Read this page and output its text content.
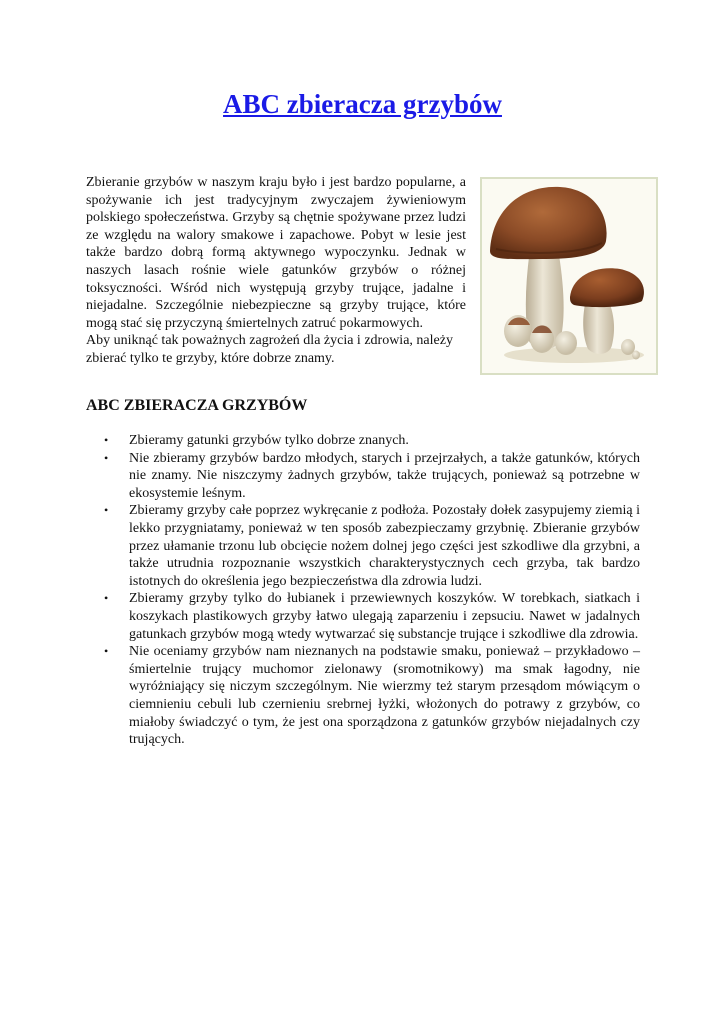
ABC zbieracza grzybów

Zbieranie grzybów w naszym kraju było i jest bardzo popularne, a spożywanie ich jest tradycyjnym zwyczajem żywieniowym polskiego społeczeństwa. Grzyby są chętnie spożywane przez ludzi ze względu na walory smakowe i zapachowe. Pobyt w lesie jest także bardzo dobrą formą aktywnego wypoczynku. Jednak w naszych lasach rośnie wiele gatunków grzybów o różnej toksyczności. Wśród nich występują grzyby trujące, jadalne i niejadalne. Szczególnie niebezpieczne są grzyby trujące, które mogą stać się przyczyną śmiertelnych zatruć pokarmowych.

Aby uniknąć tak poważnych zagrożeń dla życia i zdrowia, należy zbierać tylko te grzyby, które dobrze znamy.

ABC ZBIERACZA GRZYBÓW
• Zbieramy gatunki grzybów tylko dobrze znanych.
• Nie zbieramy grzybów bardzo młodych, starych i przejrzałych, a także gatunków, których nie znamy. Nie niszczymy żadnych grzybów, także trujących, ponieważ są potrzebne w ekosystemie leśnym.
• Zbieramy grzyby całe poprzez wykręcanie z podłoża. Pozostały dołek zasypujemy ziemią i lekko przygniatamy, ponieważ w ten sposób zabezpieczamy grzybnię. Zbieranie grzybów przez ułamanie trzonu lub obcięcie nożem dolnej jego części jest szkodliwe dla grzybni, a także utrudnia rozpoznanie wszystkich charakterystycznych cech grzyba, tak bardzo istotnych do określenia jego bezpieczeństwa dla zdrowia ludzi.
• Zbieramy grzyby tylko do łubianek i przewiewnych koszyków. W torebkach, siatkach i koszykach plastikowych grzyby łatwo ulegają zaparzeniu i zepsuciu. Nawet w jadalnych gatunkach grzybów mogą wtedy wytwarzać się substancje trujące i szkodliwe dla zdrowia.
• Nie oceniamy grzybów nam nieznanych na podstawie smaku, ponieważ – przykładowo – śmiertelnie trujący muchomor zielonawy (sromotnikowy) ma smak łagodny, nie wyróżniający się niczym szczególnym. Nie wierzmy też starym przesądom mówiącym o ciemnieniu cebuli lub czernieniu srebrnej łyżki, włożonych do potrawy z grzybów, co miałoby świadczyć o tym, że jest ona sporządzona z gatunków grzybów niejadalnych czy trujących.
